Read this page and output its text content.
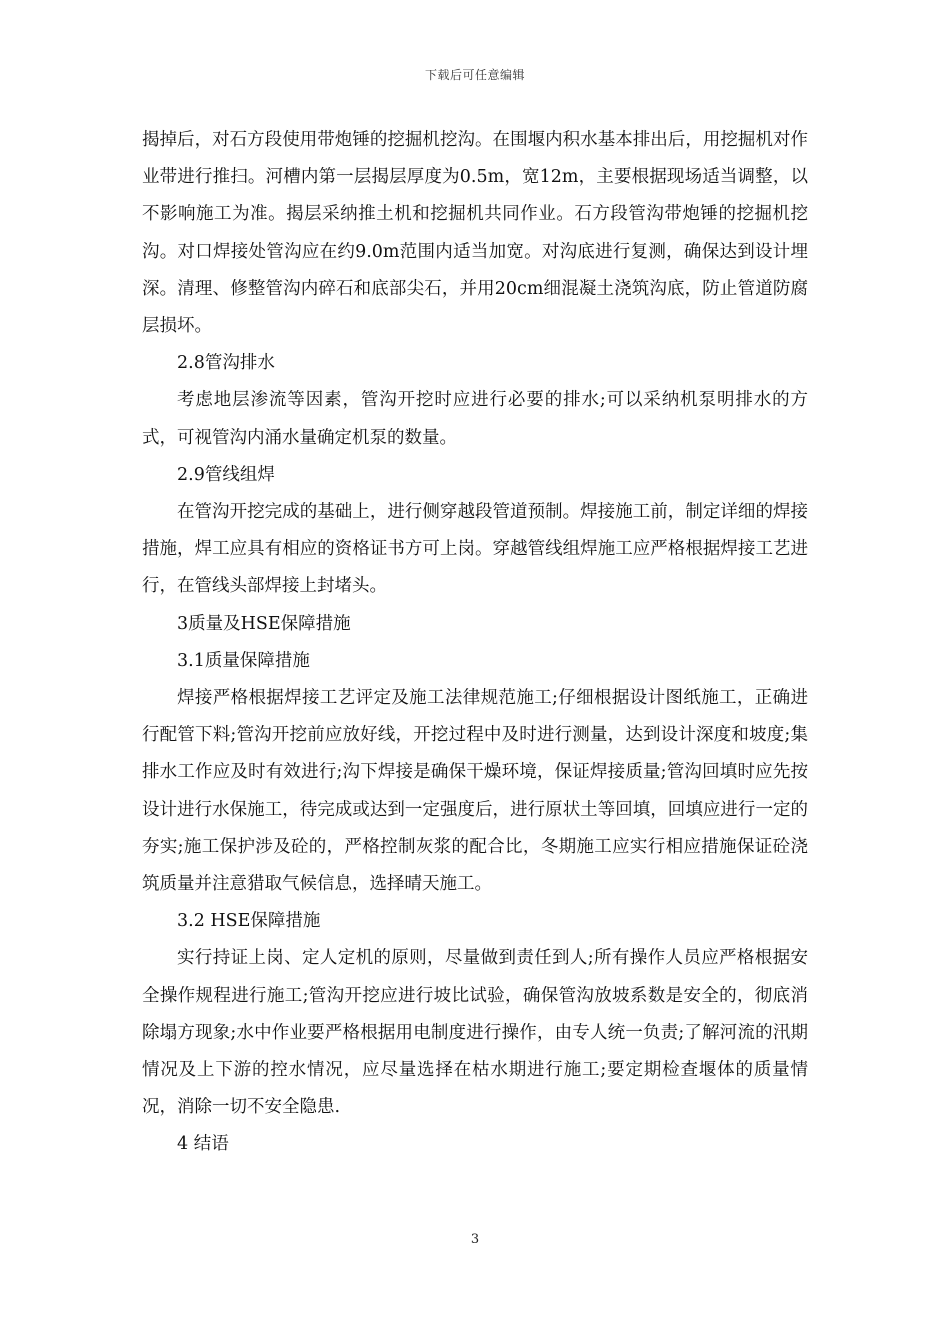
下载后可任意编辑

揭掉后，对石方段使用带炮锤的挖掘机挖沟。在围堰内积水基本排出后，用挖掘机对作业带进行推扫。河槽内第一层揭层厚度为0.5m，宽12m，主要根据现场适当调整，以不影响施工为准。揭层采纳推土机和挖掘机共同作业。石方段管沟带炮锤的挖掘机挖沟。对口焊接处管沟应在约9.0m范围内适当加宽。对沟底进行复测，确保达到设计埋深。清理、修整管沟内碎石和底部尖石，并用20cm细混凝土浇筑沟底，防止管道防腐层损坏。

2.8管沟排水

考虑地层渗流等因素，管沟开挖时应进行必要的排水;可以采纳机泵明排水的方式，可视管沟内涌水量确定机泵的数量。

2.9管线组焊

在管沟开挖完成的基础上，进行侧穿越段管道预制。焊接施工前，制定详细的焊接措施，焊工应具有相应的资格证书方可上岗。穿越管线组焊施工应严格根据焊接工艺进行，在管线头部焊接上封堵头。

3质量及HSE保障措施

3.1质量保障措施

焊接严格根据焊接工艺评定及施工法律规范施工;仔细根据设计图纸施工，正确进行配管下料;管沟开挖前应放好线，开挖过程中及时进行测量，达到设计深度和坡度;集排水工作应及时有效进行;沟下焊接是确保干燥环境，保证焊接质量;管沟回填时应先按设计进行水保施工，待完成或达到一定强度后，进行原状土等回填，回填应进行一定的夯实;施工保护涉及砼的，严格控制灰浆的配合比，冬期施工应实行相应措施保证砼浇筑质量并注意猎取气候信息，选择晴天施工。

3.2 HSE保障措施

实行持证上岗、定人定机的原则，尽量做到责任到人;所有操作人员应严格根据安全操作规程进行施工;管沟开挖应进行坡比试验，确保管沟放坡系数是安全的，彻底消除塌方现象;水中作业要严格根据用电制度进行操作，由专人统一负责;了解河流的汛期情况及上下游的控水情况，应尽量选择在枯水期进行施工;要定期检查堰体的质量情况，消除一切不安全隐患.

4 结语

3
